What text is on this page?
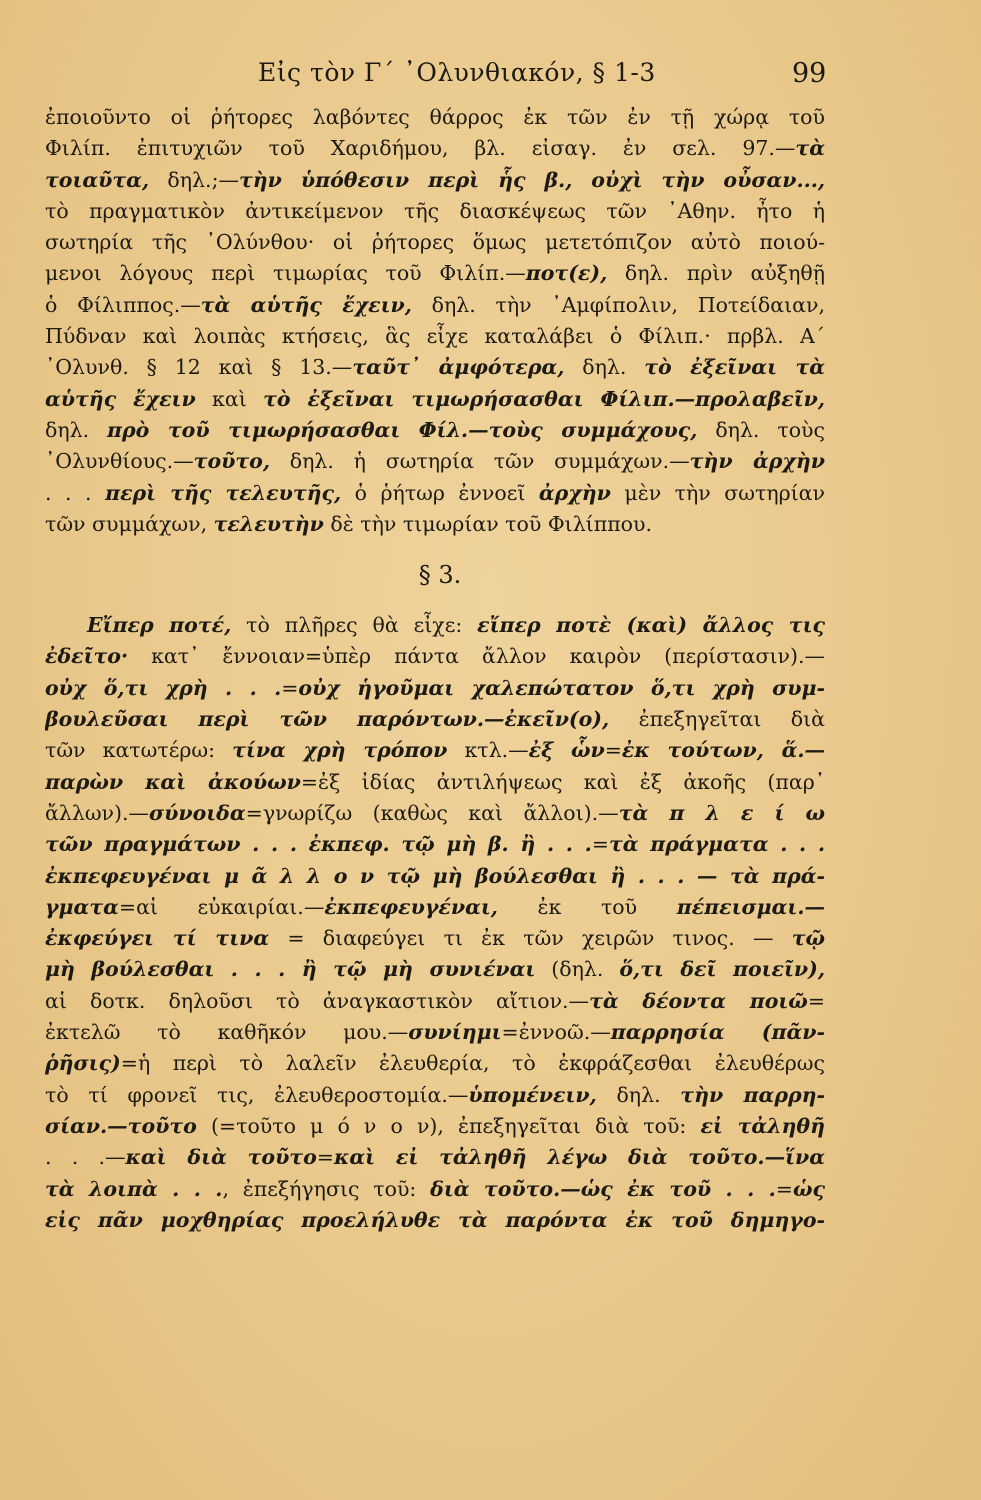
Εἰς τὸν Γ΄ ᾿Ολυνθιακόν, § 1-3	99
ἐποιοῦντο οἱ ῥήτορες λαβόντες θάρρος ἐκ τῶν ἐν τῇ χώρᾳ τοῦ
Φιλίπ. ἐπιτυχιῶν τοῦ Χαριδήμου, βλ. εἰσαγ. ἐν σελ. 97.—τὰ
τοιαῦτα, δηλ.;—τὴν ὑπόθεσιν περὶ ἧς β., οὐχὶ τὴν οὖσαν...,
τὸ πραγματικὸν ἀντικείμενον τῆς διασκέψεως τῶν ᾿Αθην. ἦτο ἡ
σωτηρία τῆς ᾿Ολύνθου· οἱ ῥήτορες ὅμως μετετόπιζον αὐτὸ ποιού-
μενοι λόγους περὶ τιμωρίας τοῦ Φιλίπ.—ποτ(ε), δηλ. πρὶν αὐξηθῇ
ὁ Φίλιππος.—τὰ αὑτῆς ἔχειν, δηλ. τὴν ᾿Αμφίπολιν, Ποτείδαιαν,
Πύδναν καὶ λοιπὰς κτήσεις, ἃς εἶχε καταλάβει ὁ Φίλιπ.· πρβλ. Α΄
᾿Ολυνθ. § 12 καὶ § 13.—ταῦτ᾿ ἀμφότερα, δηλ. τὸ ἐξεῖναι τὰ
αὑτῆς ἔχειν καὶ τὸ ἐξεῖναι τιμωρήσασθαι Φίλιπ.—προλαβεῖν,
δηλ. πρὸ τοῦ τιμωρήσασθαι Φίλ.—τοὺς συμμάχους, δηλ. τοὺς
᾿Ολυνθίους.—τοῦτο, δηλ. ἡ σωτηρία τῶν συμμάχων.—τὴν ἀρχὴν
. . . περὶ τῆς τελευτῆς, ὁ ῥήτωρ ἐννοεῖ ἀρχὴν μὲν τὴν σωτηρίαν
τῶν συμμάχων, τελευτὴν δὲ τὴν τιμωρίαν τοῦ Φιλίππου.
§ 3.
Εἴπερ ποτέ, τὸ πλῆρες θὰ εἶχε: εἴπερ ποτὲ (καὶ) ἄλλος τις
ἐδεῖτο· κατ᾿ ἔννοιαν=ὑπὲρ πάντα ἄλλον καιρὸν (περίστασιν).—
οὐχ ὅ,τι χρὴ . . .=οὐχ ἡγοῦμαι χαλεπώτατον ὅ,τι χρὴ συμ-
βουλεῦσαι περὶ τῶν παρόντων.—ἐκεῖν(ο), ἐπεξηγεῖται διὰ
τῶν κατωτέρω: τίνα χρὴ τρόπον κτλ.—ἐξ ὧν=ἐκ τούτων, ἅ.—
παρὼν καὶ ἀκούων=ἐξ ἰδίας ἀντιλήψεως καὶ ἐξ ἀκοῆς (παρ᾿
ἄλλων).—σύνοιδα=γνωρίζω (καθὼς καὶ ἄλλοι).—τὰ π λ ε ί ω
τῶν πραγμάτων . . . ἐκπεφ. τῷ μὴ β. ἢ . . .=τὰ πράγματα . . .
ἐκπεφευγέναι μ ᾶ λ λ ο ν τῷ μὴ βούλεσθαι ἢ . . . — τὰ πρά-
γματα=αἱ εὐκαιρίαι.—ἐκπεφευγέναι, ἐκ τοῦ πέπεισμαι.—
ἐκφεύγει τί τινα = διαφεύγει τι ἐκ τῶν χειρῶν τινος. — τῷ
μὴ βούλεσθαι . . . ἢ τῷ μὴ συνιέναι (δηλ. ὅ,τι δεῖ ποιεῖν),
αἱ δοτκ. δηλοῦσι τὸ ἀναγκαστικὸν αἴτιον.—τὰ δέοντα ποιῶ=
ἐκτελῶ τὸ καθῆκόν μου.—συνίημι=ἐννοῶ.—παρρησία (πᾶν-
ῥῆσις)=ἡ περὶ τὸ λαλεῖν ἐλευθερία, τὸ ἐκφράζεσθαι ἐλευθέρως
τὸ τί φρονεῖ τις, ἐλευθεροστομία.—ὑπομένειν, δηλ. τὴν παρρη-
σίαν.—τοῦτο (=τοῦτο μ ό ν ο ν), ἐπεξηγεῖται διὰ τοῦ: εἰ τἀληθῆ
. . .—καὶ διὰ τοῦτο=καὶ εἰ τἀληθῆ λέγω διὰ τοῦτο.—ἵνα
τὰ λοιπὰ . . ., ἐπεξήγησις τοῦ: διὰ τοῦτο.—ὡς ἐκ τοῦ . . .=ὡς
εἰς πᾶν μοχθηρίας προελήλυθε τὰ παρόντα ἐκ τοῦ δημηγο-
